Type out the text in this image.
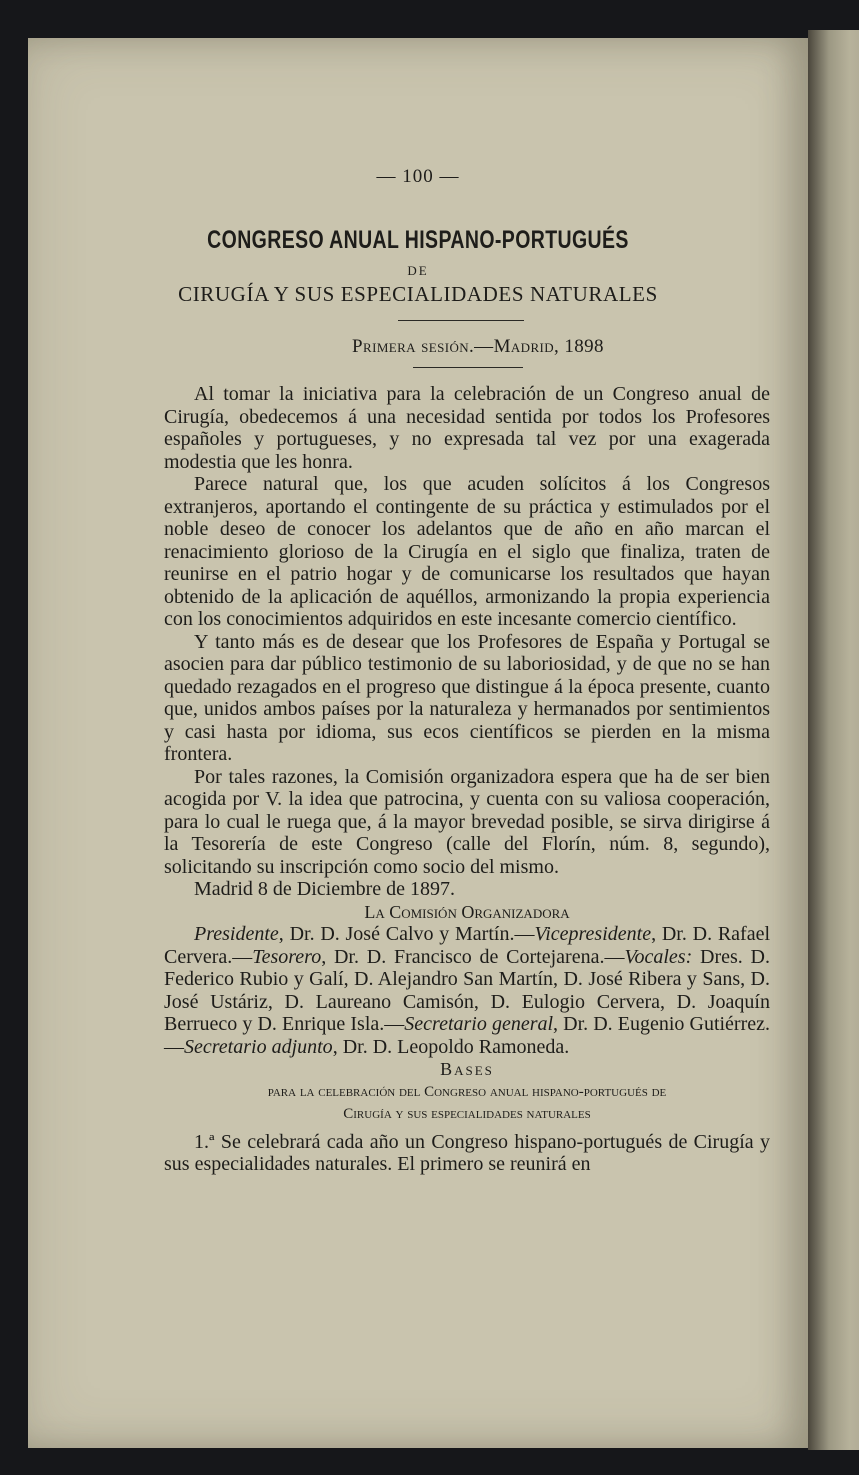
— 100 —
CONGRESO ANUAL HISPANO-PORTUGUÉS
DE
CIRUGÍA Y SUS ESPECIALIDADES NATURALES
Primera sesión.—Madrid, 1898

Al tomar la iniciativa para la celebración de un Congreso anual de Cirugía, obedecemos á una necesidad sentida por todos los Profesores españoles y portugueses, y no expresada tal vez por una exagerada modestia que les honra.

Parece natural que, los que acuden solícitos á los Congresos extranjeros, aportando el contingente de su práctica y estimulados por el noble deseo de conocer los adelantos que de año en año marcan el renacimiento glorioso de la Cirugía en el siglo que finaliza, traten de reunirse en el patrio hogar y de comunicarse los resultados que hayan obtenido de la aplicación de aquéllos, armonizando la propia experiencia con los conocimientos adquiridos en este incesante comercio científico.

Y tanto más es de desear que los Profesores de España y Portugal se asocien para dar público testimonio de su laboriosidad, y de que no se han quedado rezagados en el progreso que distingue á la época presente, cuanto que, unidos ambos países por la naturaleza y hermanados por sentimientos y casi hasta por idioma, sus ecos científicos se pierden en la misma frontera.

Por tales razones, la Comisión organizadora espera que ha de ser bien acogida por V. la idea que patrocina, y cuenta con su valiosa cooperación, para lo cual le ruega que, á la mayor brevedad posible, se sirva dirigirse á la Tesorería de este Congreso (calle del Florín, núm. 8, segundo), solicitando su inscripción como socio del mismo.

Madrid 8 de Diciembre de 1897.

La Comisión Organizadora

Presidente, Dr. D. José Calvo y Martín.—Vicepresidente, Dr. D. Rafael Cervera.—Tesorero, Dr. D. Francisco de Cortejarena.—Vocales: Dres. D. Federico Rubio y Galí, D. Alejandro San Martín, D. José Ribera y Sans, D. José Ustáriz, D. Laureano Camisón, D. Eulogio Cervera, D. Joaquín Berrueco y D. Enrique Isla.—Secretario general, Dr. D. Eugenio Gutiérrez.—Secretario adjunto, Dr. D. Leopoldo Ramoneda.

Bases

para la celebración del Congreso anual hispano-portugués de

Cirugía y sus especialidades naturales

1.ª Se celebrará cada año un Congreso hispano-portugués de Cirugía y sus especialidades naturales. El primero se reunirá en
